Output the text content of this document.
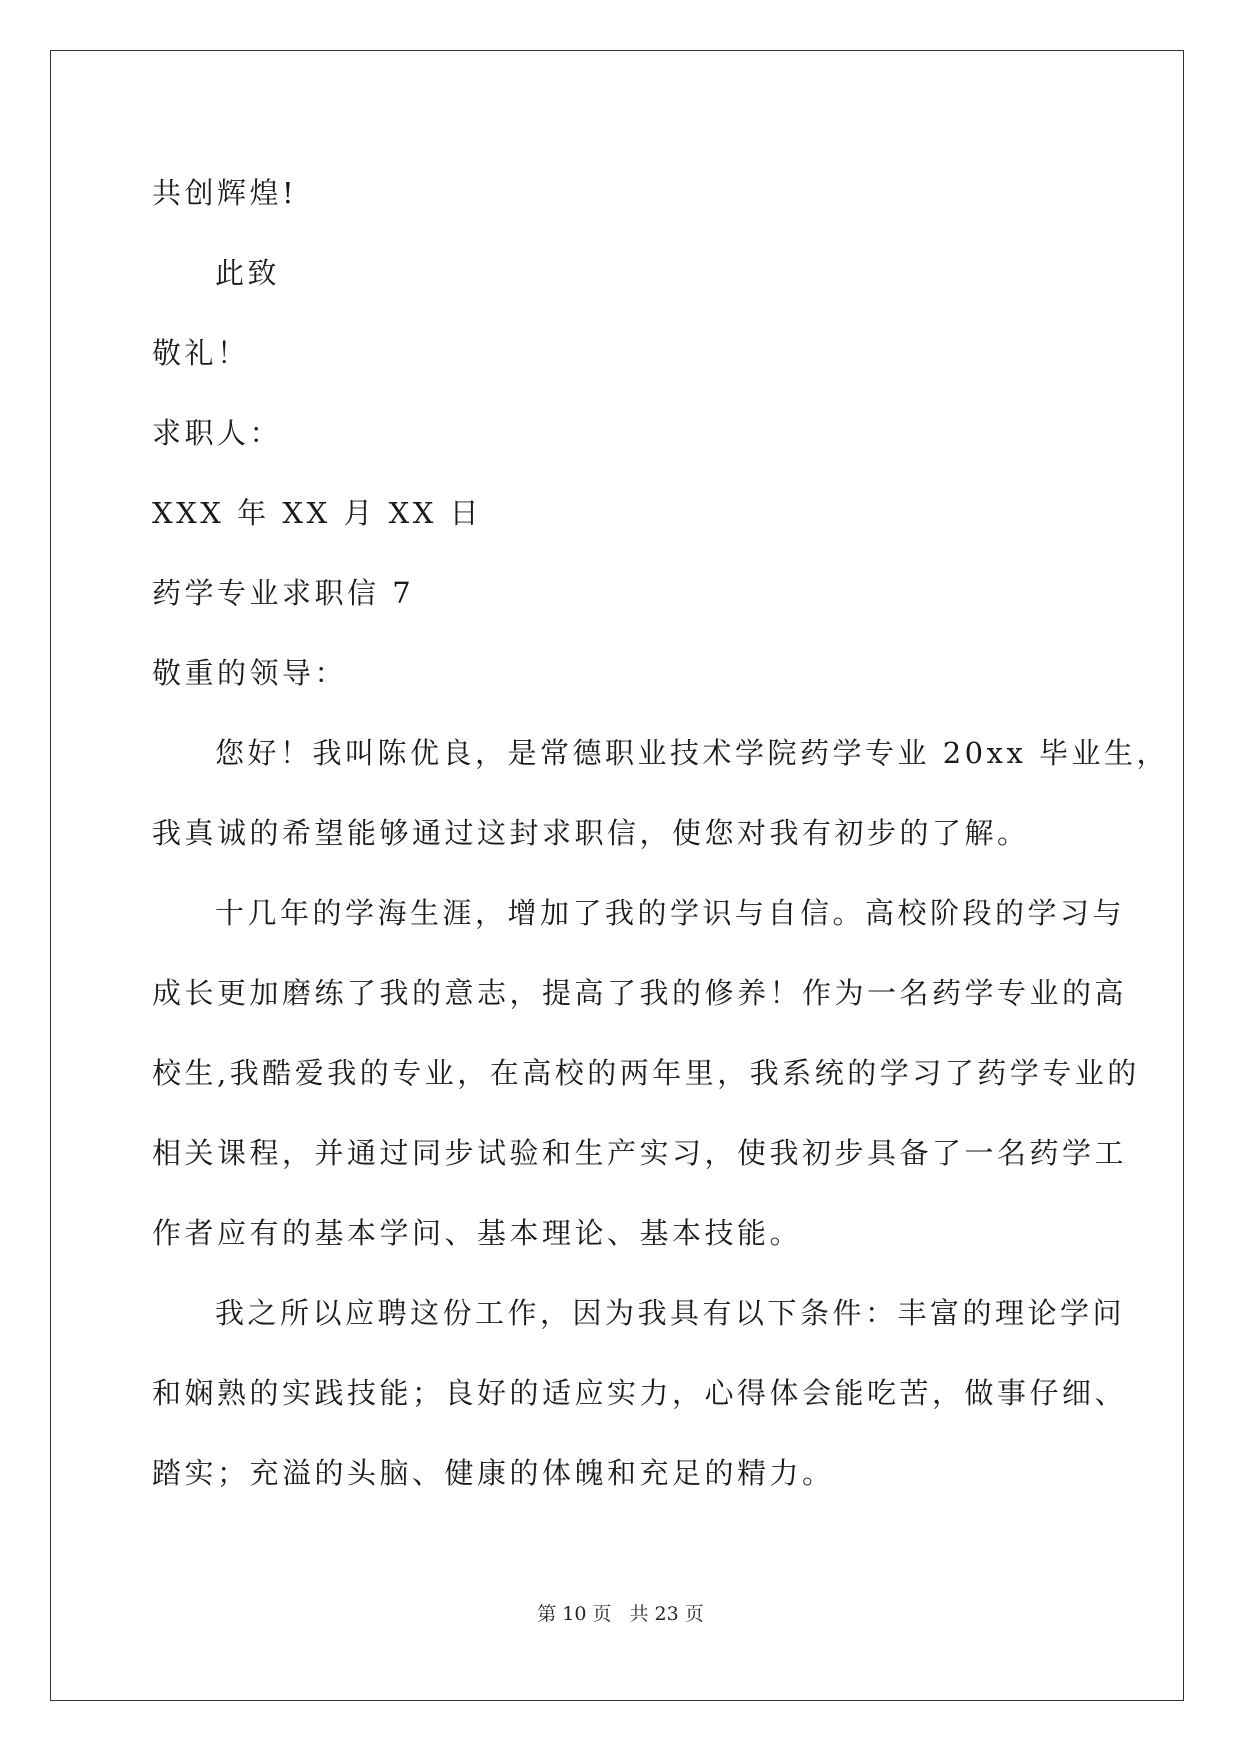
共创辉煌!
此致
敬礼！
求职人：
XXX 年 XX 月 XX 日
药学专业求职信 7
敬重的领导：
您好！我叫陈优良，是常德职业技术学院药学专业 20xx 毕业生，
我真诚的希望能够通过这封求职信，使您对我有初步的了解。
十几年的学海生涯，增加了我的学识与自信。高校阶段的学习与
成长更加磨练了我的意志，提高了我的修养！作为一名药学专业的高
校生,我酷爱我的专业，在高校的两年里，我系统的学习了药学专业的
相关课程，并通过同步试验和生产实习，使我初步具备了一名药学工
作者应有的基本学问、基本理论、基本技能。
我之所以应聘这份工作，因为我具有以下条件：丰富的理论学问
和娴熟的实践技能；良好的适应实力，心得体会能吃苦，做事仔细、
踏实；充溢的头脑、健康的体魄和充足的精力。
第 10 页 共 23 页
